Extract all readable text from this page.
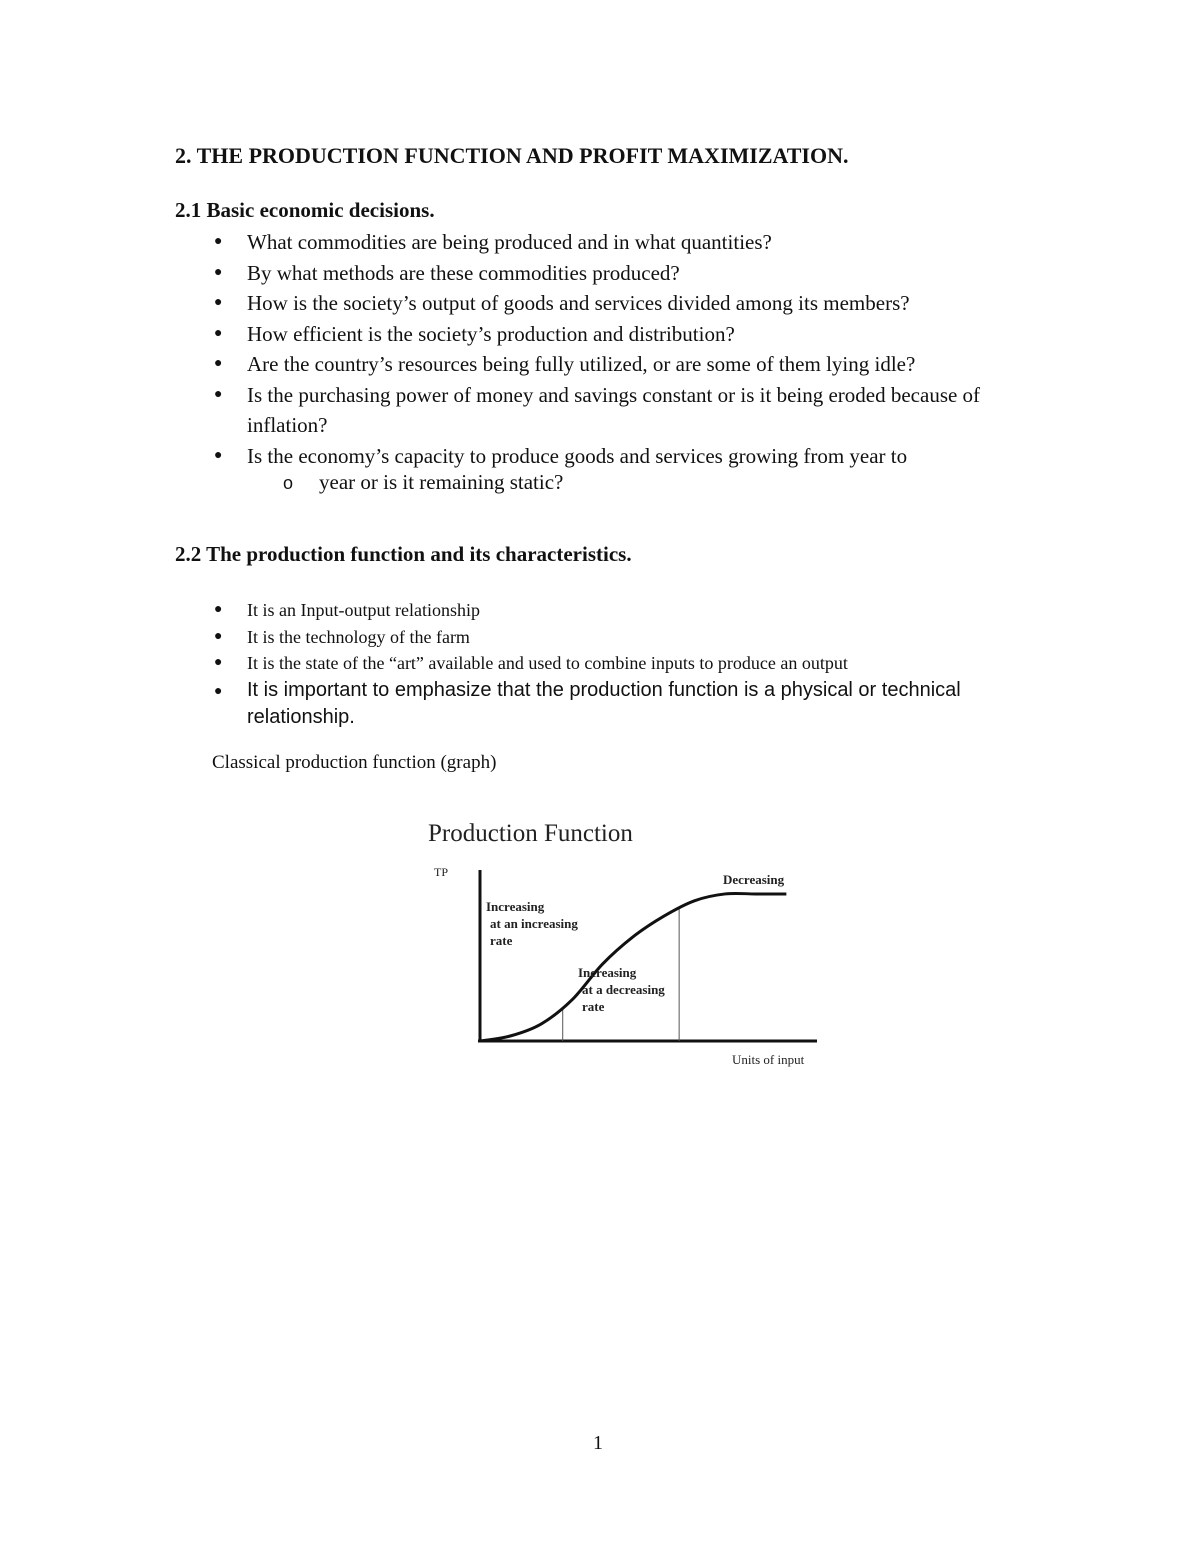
2. THE PRODUCTION FUNCTION AND PROFIT MAXIMIZATION.
2.1 Basic economic decisions.
● What commodities are being produced and in what quantities?
● By what methods are these commodities produced?
● How is the society’s output of goods and services divided among its members?
● How efficient is the society’s production and distribution?
● Are the country’s resources being fully utilized, or are some of them lying idle?
● Is the purchasing power of money and savings constant or is it being eroded because of inflation?
● Is the economy’s capacity to produce goods and services growing from year to
o year or is it remaining static?
2.2 The production function and its characteristics.
● It is an Input-output relationship
● It is the technology of the farm
● It is the state of the “art” available and used to combine inputs to produce an output
● It is important to emphasize that the production function is a physical or technical relationship.

Classical production function (graph)

Production Function
TP
Units of input
Increasing at an increasing rate
Increasing at a decreasing rate
Decreasing
1
